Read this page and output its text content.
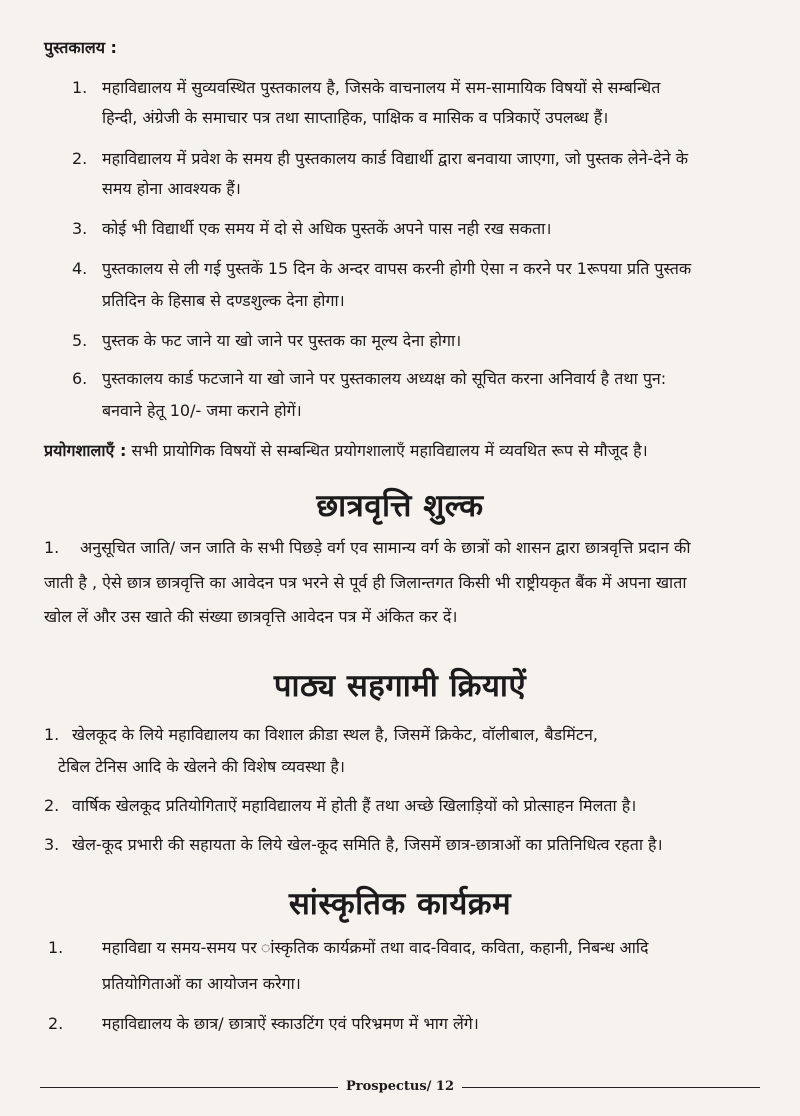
पुस्तकालय :
1. महाविद्यालय में सुव्यवस्थित पुस्तकालय है, जिसके वाचनालय में सम-सामायिक विषयों से सम्बन्धित
हिन्दी, अंग्रेजी के समाचार पत्र तथा साप्ताहिक, पाक्षिक व मासिक व पत्रिकाऐं उपलब्ध हैं।
2. महाविद्यालय में प्रवेश के समय ही पुस्तकालय कार्ड विद्यार्थी द्वारा बनवाया जाएगा, जो पुस्तक लेने-देने के
समय होना आवश्यक हैं।
3. कोई भी विद्यार्थी एक समय में दो से अधिक पुस्तकें अपने पास नही रख सकता।
4. पुस्तकालय से ली गई पुस्तकें 15 दिन के अन्दर वापस करनी होगी ऐसा न करने पर 1रूपया प्रति पुस्तक
प्रतिदिन के हिसाब से दण्डशुल्क देना होगा।
5. पुस्तक के फट जाने या खो जाने पर पुस्तक का मूल्य देना होगा।
6. पुस्तकालय कार्ड फटजाने या खो जाने पर पुस्तकालय अध्यक्ष को सूचित करना अनिवार्य है तथा पुन:
बनवाने हेतू 10/- जमा कराने होगें।
प्रयोगशालाएँ : सभी प्रायोगिक विषयों से सम्बन्धित प्रयोगशालाएँ महाविद्यालय में व्यवथित रूप से मौजूद है।
छात्रवृत्ति शुल्क
1. अनुसूचित जाति/ जन जाति के सभी पिछड़े वर्ग एव सामान्य वर्ग के छात्रों को शासन द्वारा छात्रवृत्ति प्रदान की
जाती है , ऐसे छात्र छात्रवृत्ति का आवेदन पत्र भरने से पूर्व ही जिलान्तगत किसी भी राष्ट्रीयकृत बैंक में अपना खाता
खोल लें और उस खाते की संख्या छात्रवृत्ति आवेदन पत्र में अंकित कर दें।
पाठ्य सहगामी क्रियाऐं
1. खेलकूद के लिये महाविद्यालय का विशाल क्रीडा स्थल है, जिसमें क्रिकेट, वॉलीबाल, बैडमिंटन,
टेबिल टेनिस आदि के खेलने की विशेष व्यवस्था है।
2. वार्षिक खेलकूद प्रतियोगिताऐं महाविद्यालय में होती हैं तथा अच्छे खिलाड़ियों को प्रोत्साहन मिलता है।
3. खेल-कूद प्रभारी की सहायता के लिये खेल-कूद समिति है, जिसमें छात्र-छात्राओं का प्रतिनिधित्व रहता है।
सांस्कृतिक कार्यक्रम
1. महाविद्या य समय-समय पर ांस्कृतिक कार्यक्रमों तथा वाद-विवाद, कविता, कहानी, निबन्ध आदि
प्रतियोगिताओं का आयोजन करेगा।
2. महाविद्यालय के छात्र/ छात्राऐं स्काउटिंग एवं परिभ्रमण में भाग लेंगे।
Prospectus/ 12
